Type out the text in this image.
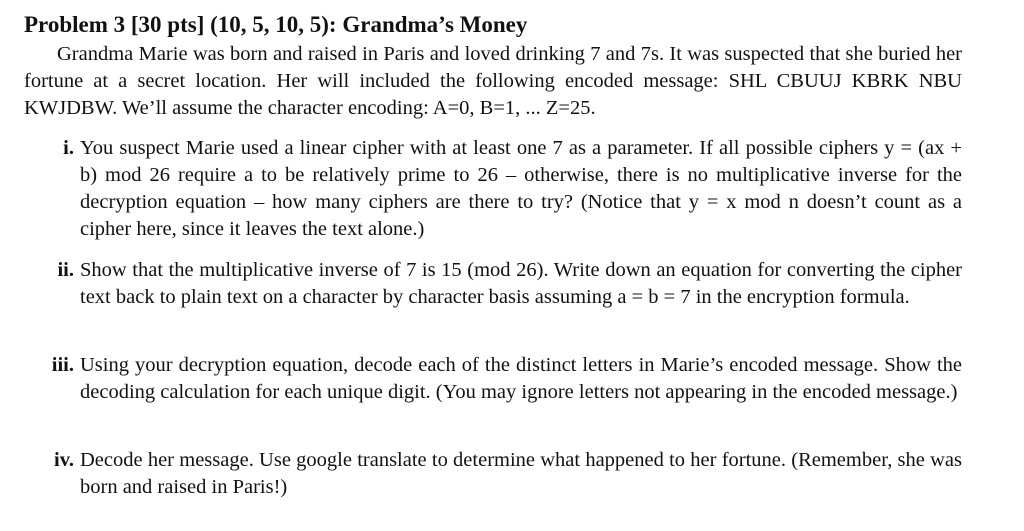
Problem 3 [30 pts] (10, 5, 10, 5): Grandma’s Money
Grandma Marie was born and raised in Paris and loved drinking 7 and 7s. It was suspected that she buried her fortune at a secret location. Her will included the following encoded message: SHL CBUUJ KBRK NBU KWJDBW. We’ll assume the character encoding: A=0, B=1, ... Z=25.
i. You suspect Marie used a linear cipher with at least one 7 as a parameter. If all possible ciphers y = (ax + b) mod 26 require a to be relatively prime to 26 – otherwise, there is no multiplicative inverse for the decryption equation – how many ciphers are there to try? (Notice that y = x mod n doesn’t count as a cipher here, since it leaves the text alone.)
ii. Show that the multiplicative inverse of 7 is 15 (mod 26). Write down an equation for converting the cipher text back to plain text on a character by character basis assuming a = b = 7 in the encryption formula.
iii. Using your decryption equation, decode each of the distinct letters in Marie’s encoded message. Show the decoding calculation for each unique digit. (You may ignore letters not appearing in the encoded message.)
iv. Decode her message. Use google translate to determine what happened to her fortune. (Remember, she was born and raised in Paris!)
